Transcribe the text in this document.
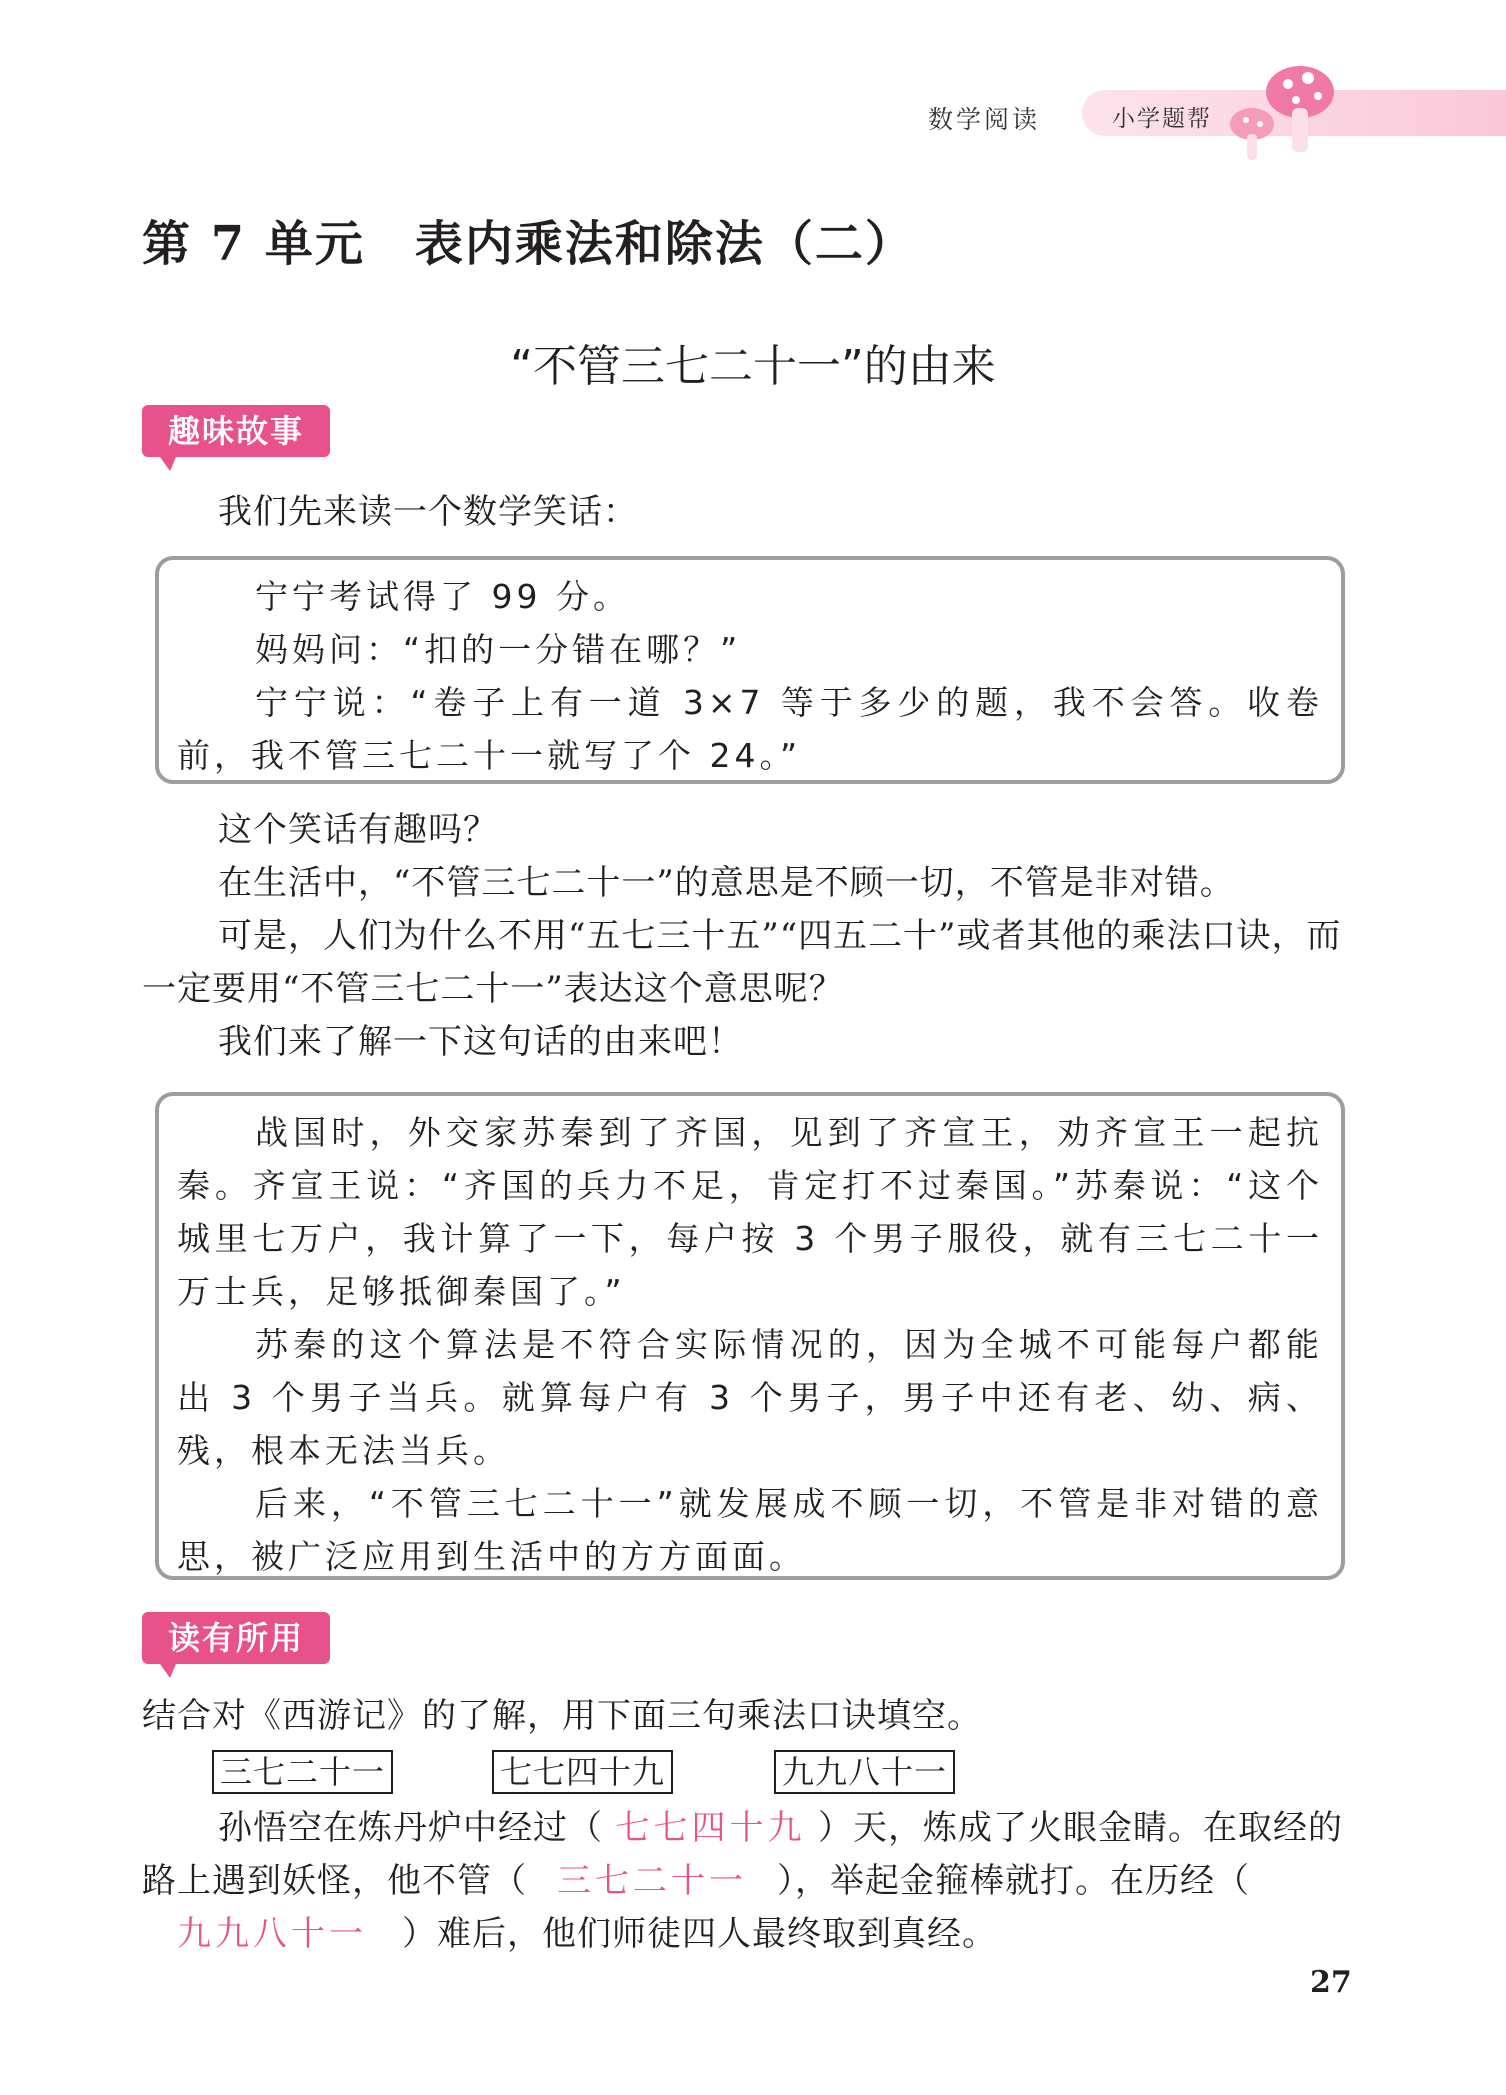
数学阅读	小学题帮
第 7 单元　表内乘法和除法（二）
“不管三七二十一”的由来
趣味故事
我们先来读一个数学笑话：

宁宁考试得了 99 分。

妈妈问：“扣的一分错在哪？”

宁宁说：“卷子上有一道 3×7 等于多少的题，我不会答。收卷前，我不管三七二十一就写了个 24。”

这个笑话有趣吗？
在生活中，“不管三七二十一”的意思是不顾一切，不管是非对错。
可是，人们为什么不用“五七三十五”“四五二十”或者其他的乘法口诀，而一定要用“不管三七二十一”表达这个意思呢？
我们来了解一下这句话的由来吧！

战国时，外交家苏秦到了齐国，见到了齐宣王，劝齐宣王一起抗秦。齐宣王说：“齐国的兵力不足，肯定打不过秦国。”苏秦说：“这个城里七万户，我计算了一下，每户按 3 个男子服役，就有三七二十一万士兵，足够抵御秦国了。”

苏秦的这个算法是不符合实际情况的，因为全城不可能每户都能出 3 个男子当兵。就算每户有 3 个男子，男子中还有老、幼、病、残，根本无法当兵。

后来，“不管三七二十一”就发展成不顾一切，不管是非对错的意思，被广泛应用到生活中的方方面面。

读有所用
结合对《西游记》的了解，用下面三句乘法口诀填空。
三七二十一	七七四十九	九九八十一
孙悟空在炼丹炉中经过（ 七七四十九 ）天，炼成了火眼金睛。在取经的路上遇到妖怪，他不管（ 三七二十一 ），举起金箍棒就打。在历经（九九八十一 ）难后，他们师徒四人最终取到真经。
27
